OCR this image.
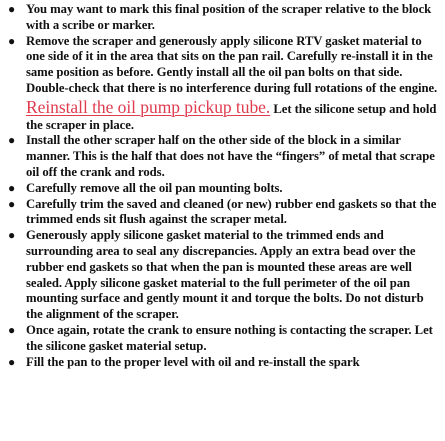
● You may want to mark this final position of the scraper relative to the block with a scribe or marker.
● Remove the scraper and generously apply silicone RTV gasket material to one side of it in the area that sits on the pan rail. Carefully re-install it in the same position as before. Gently install all the oil pan bolts on that side. Double-check that there is no interference during full rotations of the engine. Reinstall the oil pump pickup tube. Let the silicone setup and hold the scraper in place.
● Install the other scraper half on the other side of the block in a similar manner. This is the half that does not have the “fingers” of metal that scrape oil off the crank and rods.
● Carefully remove all the oil pan mounting bolts.
● Carefully trim the saved and cleaned (or new) rubber end gaskets so that the trimmed ends sit flush against the scraper metal.
● Generously apply silicone gasket material to the trimmed ends and surrounding area to seal any discrepancies. Apply an extra bead over the rubber end gaskets so that when the pan is mounted these areas are well sealed. Apply silicone gasket material to the full perimeter of the oil pan mounting surface and gently mount it and torque the bolts. Do not disturb the alignment of the scraper.
● Once again, rotate the crank to ensure nothing is contacting the scraper. Let the silicone gasket material setup.
● Fill the pan to the proper level with oil and re-install the spark
